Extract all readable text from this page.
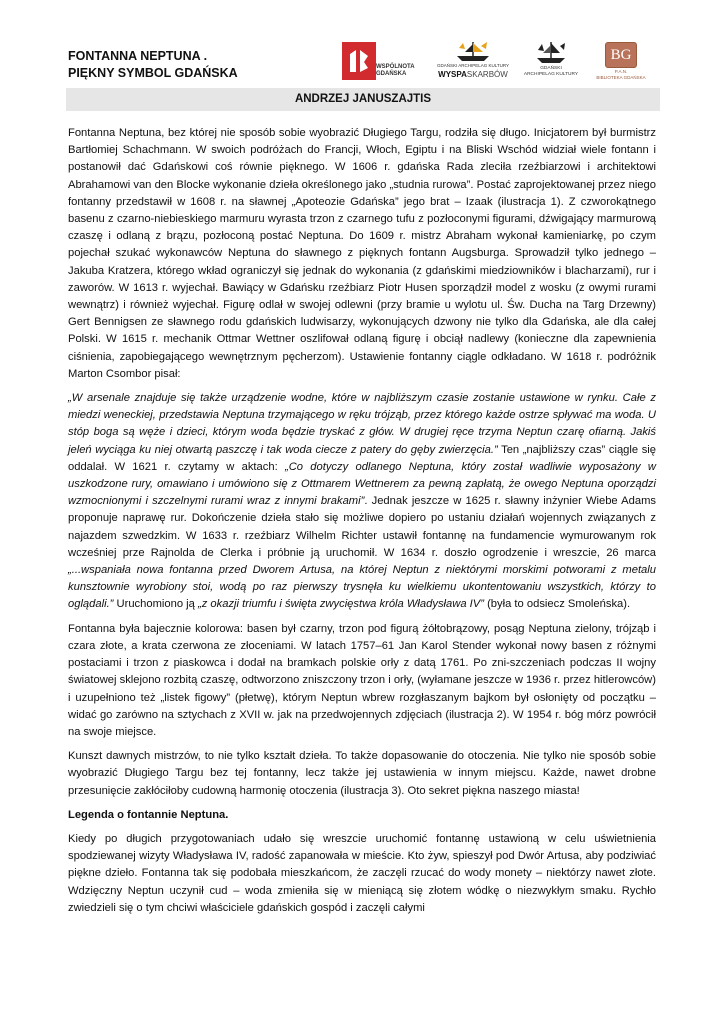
FONTANNA NEPTUNA .
PIĘKNY SYMBOL GDAŃSKA	WSPÓLNOTA
GDAŃSKA
GDAŃSKI ARCHIPELAG KULTURY
WYSPASKARBÓW
GDAŃSKI
ARCHIPELAG KULTURY
BG
P.A.N.
BIBLIOTEKA GDAŃSKA
ANDRZEJ JANUSZAJTIS

Fontanna Neptuna, bez której nie sposób sobie wyobrazić Długiego Targu, rodziła się długo. Inicjatorem był burmistrz Bartłomiej Schachmann. W swoich podróżach do Francji, Włoch, Egiptu i na Bliski Wschód widział wiele fontann i postanowił dać Gdańskowi coś równie pięknego. W 1606 r. gdańska Rada zleciła rzeźbiarzowi i architektowi Abrahamowi van den Blocke wykonanie dzieła określonego jako „studnia rurowa”. Postać zaprojektowanej przez niego fontanny przedstawił w 1608 r. na sławnej „Apoteozie Gdańska” jego brat – Izaak (ilustracja 1). Z czworokątnego basenu z czarno-niebieskiego marmuru wyrasta trzon z czarnego tufu z pozłoconymi figurami, dźwigający marmurową czaszę i odlaną z brązu, pozłoconą postać Neptuna. Do 1609 r. mistrz Abraham wykonał kamieniarkę, po czym pojechał szukać wykonawców Neptuna do sławnego z pięknych fontann Augsburga. Sprowadził tylko jednego – Jakuba Kratzera, którego wkład ograniczył się jednak do wykonania (z gdańskimi miedziowników i blacharzami), rur i zaworów. W 1613 r. wyjechał. Bawiący w Gdańsku rzeźbiarz Piotr Husen sporządził model z wosku (z owymi rurami wewnątrz) i również wyjechał. Figurę odlał w swojej odlewni (przy bramie u wylotu ul. Św. Ducha na Targ Drzewny) Gert Bennigsen ze sławnego rodu gdańskich ludwisarzy, wykonujących dzwony nie tylko dla Gdańska, ale dla całej Polski. W 1615 r. mechanik Ottmar Wettner oszlifował odlaną figurę i obciął nadlewy (konieczne dla zapewnienia ciśnienia, zapobiegającego wewnętrznym pęcherzom). Ustawienie fontanny ciągle odkładano. W 1618 r. podróżnik Marton Csombor pisał:

„W arsenale znajduje się także urządzenie wodne, które w najbliższym czasie zostanie ustawione w rynku. Całe z miedzi weneckiej, przedstawia Neptuna trzymającego w ręku trójząb, przez którego każde ostrze spływać ma woda. U stóp boga są węże i dzieci, którym woda będzie tryskać z głów. W drugiej ręce trzyma Neptun czarę ofiarną. Jakiś jeleń wyciąga ku niej otwartą paszczę i tak woda ciecze z patery do gęby zwierzęcia.” Ten „najbliższy czas” ciągle się oddalał. W 1621 r. czytamy w aktach: „Co dotyczy odlanego Neptuna, który został wadliwie wyposażony w uszkodzone rury, omawiano i umówiono się z Ottmarem Wettnerem za pewną zapłatą, że owego Neptuna oporządzi wzmocnionymi i szczelnymi rurami wraz z innymi brakami”. Jednak jeszcze w 1625 r. sławny inżynier Wiebe Adams proponuje naprawę rur. Dokończenie dzieła stało się możliwe dopiero po ustaniu działań wojennych związanych z najazdem szwedzkim. W 1633 r. rzeźbiarz Wilhelm Richter ustawił fontannę na fundamencie wymurowanym rok wcześniej prze Rajnolda de Clerka i próbnie ją uruchomił. W 1634 r. doszło ogrodzenie i wreszcie, 26 marca „...wspaniała nowa fontanna przed Dworem Artusa, na której Neptun z niektórymi morskimi potworami z metalu kunsztownie wyrobiony stoi, wodą po raz pierwszy trysnęła ku wielkiemu ukontentowaniu wszystkich, którzy to oglądali.” Uruchomiono ją „z okazji triumfu i święta zwycięstwa króla Władysława IV” (była to odsiecz Smoleńska).

Fontanna była bajecznie kolorowa: basen był czarny, trzon pod figurą żółtobrązowy, posąg Neptuna zielony, trójząb i czara złote, a krata czerwona ze złoceniami. W latach 1757–61 Jan Karol Stender wykonał nowy basen z różnymi postaciami i trzon z piaskowca i dodał na bramkach polskie orły z datą 1761. Po zni-szczeniach podczas II wojny światowej sklejono rozbitą czaszę, odtworzono zniszczony trzon i orły, (wyłamane jeszcze w 1936 r. przez hitlerowców) i uzupełniono też „listek figowy” (płetwę), którym Neptun wbrew rozgłaszanym bajkom był osłonięty od początku – widać go zarówno na sztychach z XVII w. jak na przedwojennych zdjęciach (ilustracja 2). W 1954 r. bóg mórz powrócił na swoje miejsce.

Kunszt dawnych mistrzów, to nie tylko kształt dzieła. To także dopasowanie do otoczenia. Nie tylko nie sposób sobie wyobrazić Długiego Targu bez tej fontanny, lecz także jej ustawienia w innym miejscu. Każde, nawet drobne przesunięcie zakłóciłoby cudowną harmonię otoczenia (ilustracja 3). Oto sekret piękna naszego miasta!

Legenda o fontannie Neptuna.

Kiedy po długich przygotowaniach udało się wreszcie uruchomić fontannę ustawioną w celu uświetnienia spodziewanej wizyty Władysława IV, radość zapanowała w mieście. Kto żyw, spieszył pod Dwór Artusa, aby podziwiać piękne dzieło. Fontanna tak się podobała mieszkańcom, że zaczęli rzucać do wody monety – niektórzy nawet złote. Wdzięczny Neptun uczynił cud – woda zmieniła się w mieniącą się złotem wódkę o niezwykłym smaku. Rychło zwiedzieli się o tym chciwi właściciele gdańskich gospód i zaczęli całymi
